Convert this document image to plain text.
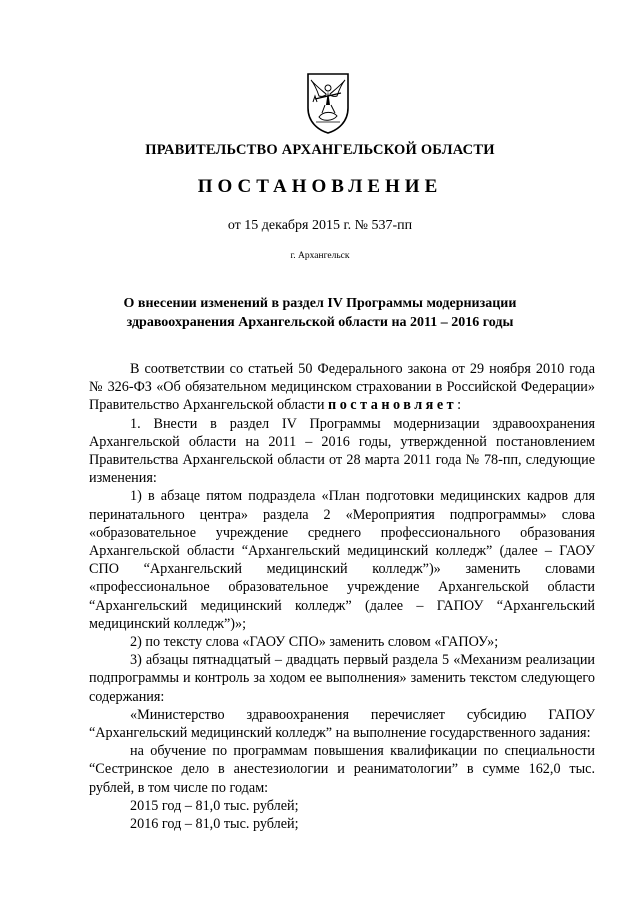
ПРАВИТЕЛЬСТВО АРХАНГЕЛЬСКОЙ ОБЛАСТИ
ПОСТАНОВЛЕНИЕ
от 15 декабря 2015 г. № 537-пп
г. Архангельск
О внесении изменений в раздел IV Программы модернизации
здравоохранения Архангельской области на 2011 – 2016 годы

В соответствии со статьей 50 Федерального закона от 29 ноября 2010 года № 326-ФЗ «Об обязательном медицинском страховании в Российской Федерации» Правительство Архангельской области постановляет:

1. Внести в раздел IV Программы модернизации здравоохранения Архангельской области на 2011 – 2016 годы, утвержденной постановлением Правительства Архангельской области от 28 марта 2011 года № 78-пп, следующие изменения:

1) в абзаце пятом подраздела «План подготовки медицинских кадров для перинатального центра» раздела 2 «Мероприятия подпрограммы» слова «образовательное учреждение среднего профессионального образования Архангельской области “Архангельский медицинский колледж” (далее – ГАОУ СПО “Архангельский медицинский колледж”)» заменить словами «профессиональное образовательное учреждение Архангельской области “Архангельский медицинский колледж” (далее – ГАПОУ “Архангельский медицинский колледж”)»;

2) по тексту слова «ГАОУ СПО» заменить словом «ГАПОУ»;

3) абзацы пятнадцатый – двадцать первый раздела 5 «Механизм реализации подпрограммы и контроль за ходом ее выполнения» заменить текстом следующего содержания:

«Министерство здравоохранения перечисляет субсидию ГАПОУ “Архангельский медицинский колледж” на выполнение государственного задания:

на обучение по программам повышения квалификации по специальности “Сестринское дело в анестезиологии и реаниматологии” в сумме 162,0 тыс. рублей, в том числе по годам:

2015 год – 81,0 тыс. рублей;

2016 год – 81,0 тыс. рублей;
